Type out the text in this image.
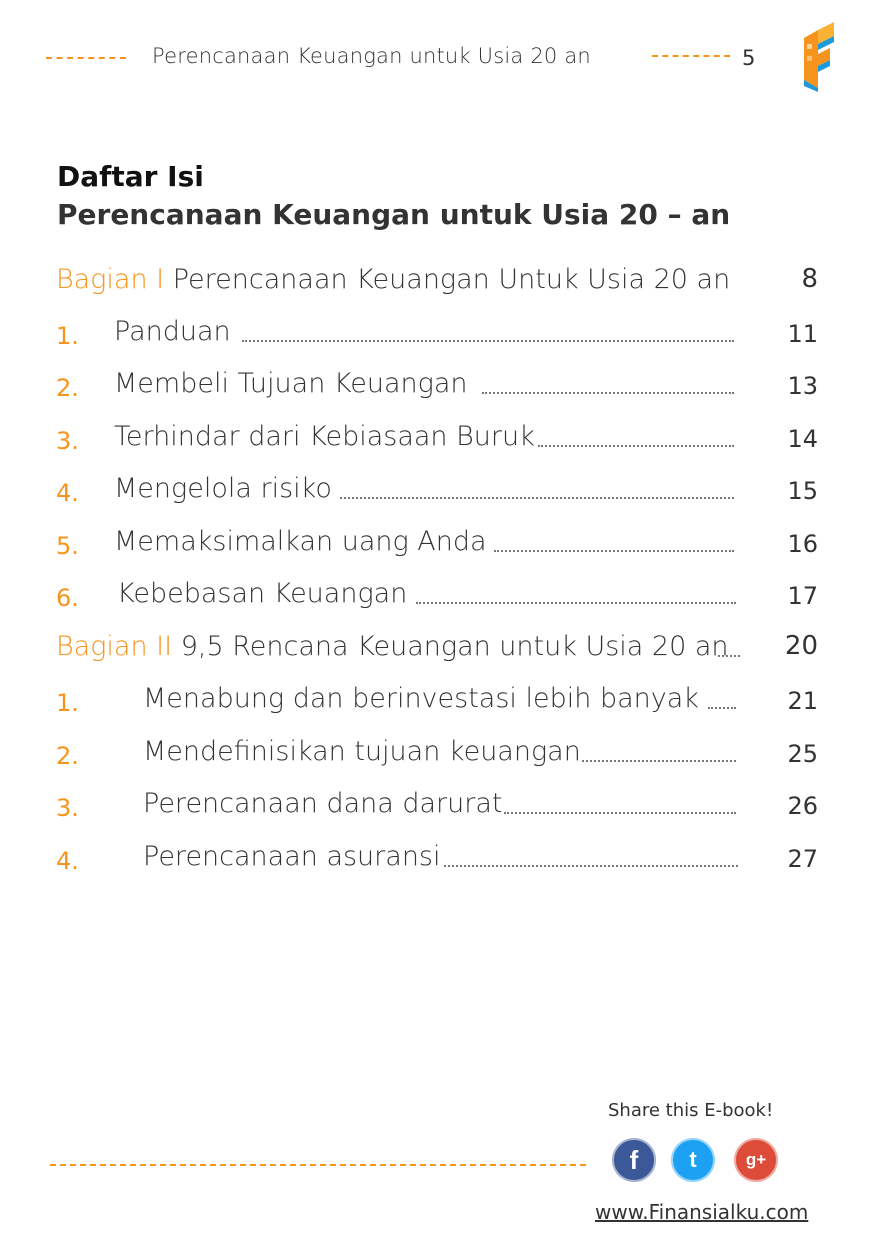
Perencanaan Keuangan untuk Usia 20 an	5
Daftar Isi
Perencanaan Keuangan untuk Usia 20 – an
Bagian I Perencanaan Keuangan Untuk Usia 20 an	8
1. Panduan	11
2. Membeli Tujuan Keuangan	13
3. Terhindar dari Kebiasaan Buruk	14
4. Mengelola risiko	15
5. Memaksimalkan uang Anda	16
6. Kebebasan Keuangan	17
Bagian II 9,5 Rencana Keuangan untuk Usia 20 an 20
1. Menabung dan berinvestasi lebih banyak	21
2. Mendefinisikan tujuan keuangan	25
3. Perencanaan dana darurat	26
4. Perencanaan asuransi	27
Share this E-book!
f	t	g+
www.Finansialku.com
